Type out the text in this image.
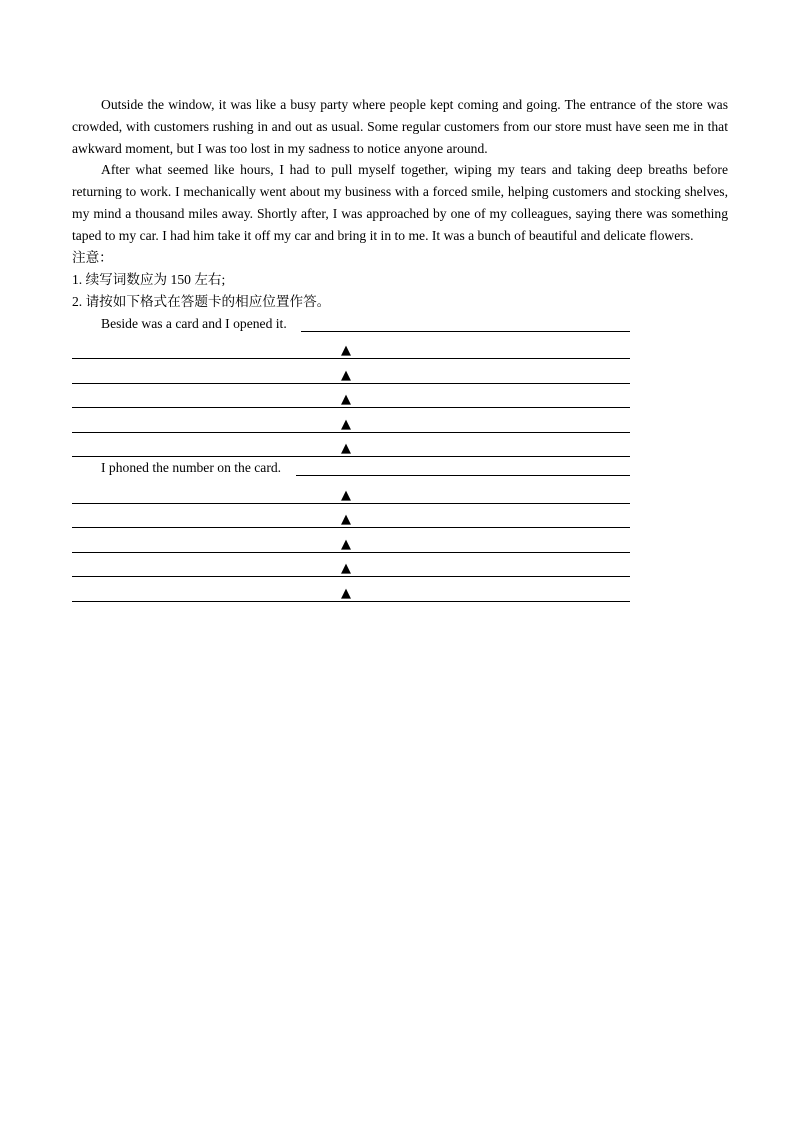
Outside the window, it was like a busy party where people kept coming and going. The entrance of the store was crowded, with customers rushing in and out as usual. Some regular customers from our store must have seen me in that awkward moment, but I was too lost in my sadness to notice anyone around.

After what seemed like hours, I had to pull myself together, wiping my tears and taking deep breaths before returning to work. I mechanically went about my business with a forced smile, helping customers and stocking shelves, my mind a thousand miles away. Shortly after, I was approached by one of my colleagues, saying there was something taped to my car. I had him take it off my car and bring it in to me. It was a bunch of beautiful and delicate flowers.

注意：

1. 续写词数应为 150 左右;

2. 请按如下格式在答题卡的相应位置作答。

Beside was a card and I opened it.
▲
▲
▲
▲
▲
I phoned the number on the card.
▲
▲
▲
▲
▲
